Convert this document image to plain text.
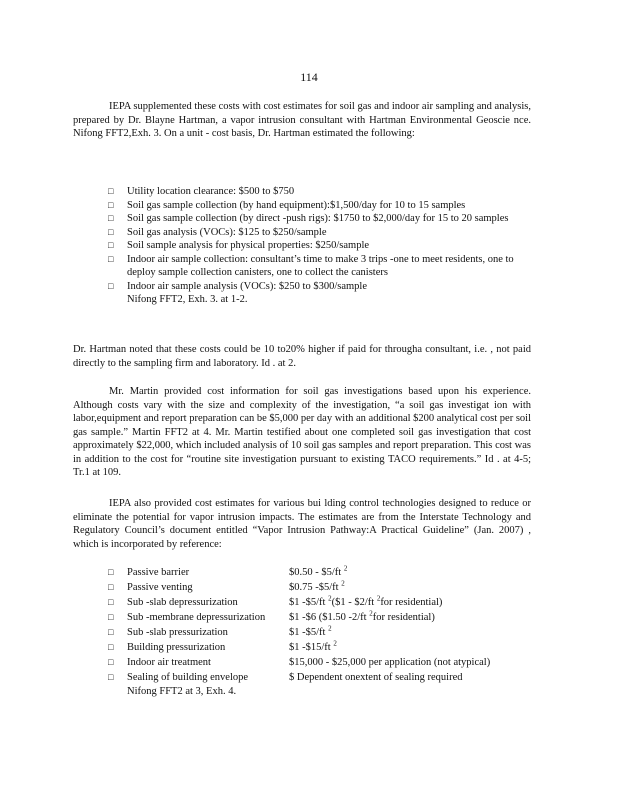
114

IEPA supplemented these costs with cost estimates for soil gas and indoor air sampling and analysis, prepared by Dr. Blayne Hartman, a vapor intrusion consultant with Hartman Environmental Geoscie nce. Nifong FFT2,Exh. 3. On a unit - cost basis, Dr. Hartman estimated the following:

□ Utility location clearance: $500 to $750
□ Soil gas sample collection (by hand equipment):$1,500/day for 10 to 15 samples
□ Soil gas sample collection (by direct -push rigs): $1750 to $2,000/day for 15 to 20 samples
□ Soil gas analysis (VOCs): $125 to $250/sample
□ Soil sample analysis for physical properties: $250/sample
□ Indoor air sample collection: consultant’s time to make 3 trips -one to meet residents, one to deploy sample collection canisters, one to collect the canisters
□ Indoor air sample analysis (VOCs): $250 to $300/sample
Nifong FFT2, Exh. 3. at 1-2.

Dr. Hartman noted that these costs could be 10 to20% higher if paid for througha consultant, i.e. , not paid directly to the sampling firm and laboratory. Id . at 2.

Mr. Martin provided cost information for soil gas investigations based upon his experience. Although costs vary with the size and complexity of the investigation, “a soil gas investigat ion with labor,equipment and report preparation can be $5,000 per day with an additional $200 analytical cost per soil gas sample.” Martin FFT2 at 4. Mr. Martin testified about one completed soil gas investigation that cost approximately $22,000, which included analysis of 10 soil gas samples and report preparation. This cost was in addition to the cost for “routine site investigation pursuant to existing TACO requirements.” Id . at 4-5; Tr.1 at 109.

IEPA also provided cost estimates for various bui lding control technologies designed to reduce or eliminate the potential for vapor intrusion impacts. The estimates are from the Interstate Technology and Regulatory Council’s document entitled “Vapor Intrusion Pathway:A Practical Guideline” (Jan. 2007) , which is incorporated by reference:

□ Passive barrier	$0.50 - $5/ft $^2$
□ Passive venting	$0.75 -$5/ft $^2$
□ Sub -slab depressurization	$1 -$5/ft $^2$($1 - $2/ft $^2$for residential)
□ Sub -membrane depressurization $1 -$6 ($1.50 -2/ft $^2$for residential)
□ Sub -slab pressurization	$1 -$5/ft $^2$
□ Building pressurization	$1 -$15/ft $^2$
□ Indoor air treatment	$15,000 - $25,000 per application (not atypical)
□ Sealing of building envelope	$ Dependent onextent of sealing required
Nifong FFT2 at 3, Exh. 4.
